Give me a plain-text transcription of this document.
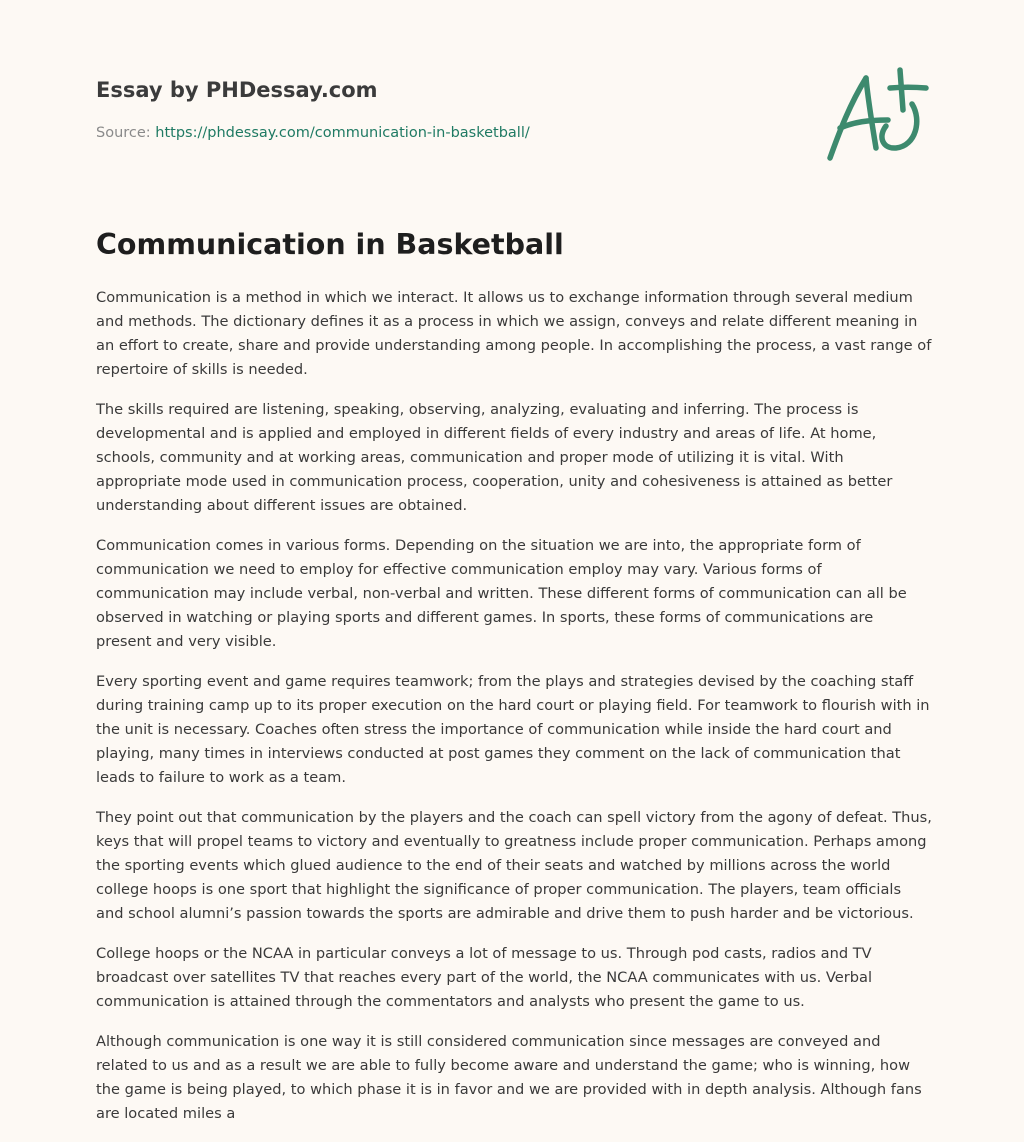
Essay by PHDessay.com
Source: https://phdessay.com/communication-in-basketball/
Communication in Basketball

Communication is a method in which we interact. It allows us to exchange information through several medium and methods. The dictionary defines it as a process in which we assign, conveys and relate different meaning in an effort to create, share and provide understanding among people. In accomplishing the process, a vast range of repertoire of skills is needed.

The skills required are listening, speaking, observing, analyzing, evaluating and inferring. The process is developmental and is applied and employed in different fields of every industry and areas of life. At home, schools, community and at working areas, communication and proper mode of utilizing it is vital. With appropriate mode used in communication process, cooperation, unity and cohesiveness is attained as better understanding about different issues are obtained.

Communication comes in various forms. Depending on the situation we are into, the appropriate form of communication we need to employ for effective communication employ may vary. Various forms of communication may include verbal, non-verbal and written. These different forms of communication can all be observed in watching or playing sports and different games. In sports, these forms of communications are present and very visible.

Every sporting event and game requires teamwork; from the plays and strategies devised by the coaching staff during training camp up to its proper execution on the hard court or playing field. For teamwork to flourish with in the unit is necessary. Coaches often stress the importance of communication while inside the hard court and playing, many times in interviews conducted at post games they comment on the lack of communication that leads to failure to work as a team.

They point out that communication by the players and the coach can spell victory from the agony of defeat. Thus, keys that will propel teams to victory and eventually to greatness include proper communication. Perhaps among the sporting events which glued audience to the end of their seats and watched by millions across the world college hoops is one sport that highlight the significance of proper communication. The players, team officials and school alumni’s passion towards the sports are admirable and drive them to push harder and be victorious.

College hoops or the NCAA in particular conveys a lot of message to us. Through pod casts, radios and TV broadcast over satellites TV that reaches every part of the world, the NCAA communicates with us. Verbal communication is attained through the commentators and analysts who present the game to us.

Although communication is one way it is still considered communication since messages are conveyed and related to us and as a result we are able to fully become aware and understand the game; who is winning, how the game is being played, to which phase it is in favor and we are provided with in depth analysis. Although fans are located miles a
